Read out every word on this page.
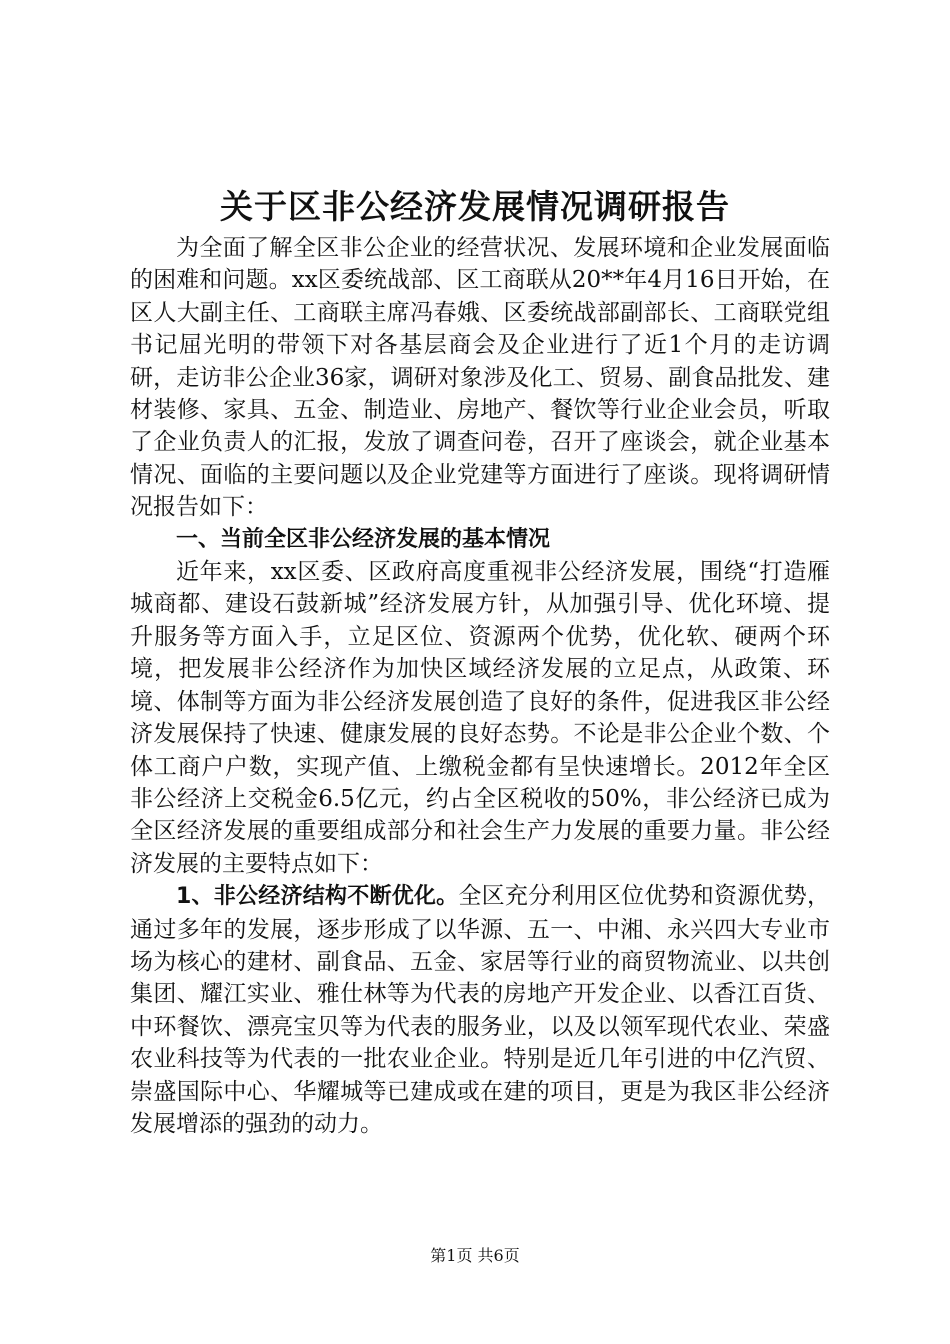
关于区非公经济发展情况调研报告

为全面了解全区非公企业的经营状况、发展环境和企业发展面临的困难和问题。xx区委统战部、区工商联从20**年4月16日开始，在区人大副主任、工商联主席冯春娥、区委统战部副部长、工商联党组书记屈光明的带领下对各基层商会及企业进行了近1个月的走访调研，走访非公企业36家，调研对象涉及化工、贸易、副食品批发、建材装修、家具、五金、制造业、房地产、餐饮等行业企业会员，听取了企业负责人的汇报，发放了调查问卷，召开了座谈会，就企业基本情况、面临的主要问题以及企业党建等方面进行了座谈。现将调研情况报告如下：

一、当前全区非公经济发展的基本情况

近年来，xx区委、区政府高度重视非公经济发展，围绕“打造雁城商都、建设石鼓新城”经济发展方针，从加强引导、优化环境、提升服务等方面入手，立足区位、资源两个优势，优化软、硬两个环境，把发展非公经济作为加快区域经济发展的立足点，从政策、环境、体制等方面为非公经济发展创造了良好的条件，促进我区非公经济发展保持了快速、健康发展的良好态势。不论是非公企业个数、个体工商户户数，实现产值、上缴税金都有呈快速增长。2012年全区非公经济上交税金6.5亿元，约占全区税收的50%，非公经济已成为全区经济发展的重要组成部分和社会生产力发展的重要力量。非公经济发展的主要特点如下：

1、非公经济结构不断优化。全区充分利用区位优势和资源优势，通过多年的发展，逐步形成了以华源、五一、中湘、永兴四大专业市场为核心的建材、副食品、五金、家居等行业的商贸物流业、以共创集团、耀江实业、雅仕林等为代表的房地产开发企业、以香江百货、中环餐饮、漂亮宝贝等为代表的服务业，以及以领军现代农业、荣盛农业科技等为代表的一批农业企业。特别是近几年引进的中亿汽贸、崇盛国际中心、华耀城等已建成或在建的项目，更是为我区非公经济发展增添的强劲的动力。

第1页 共6页
